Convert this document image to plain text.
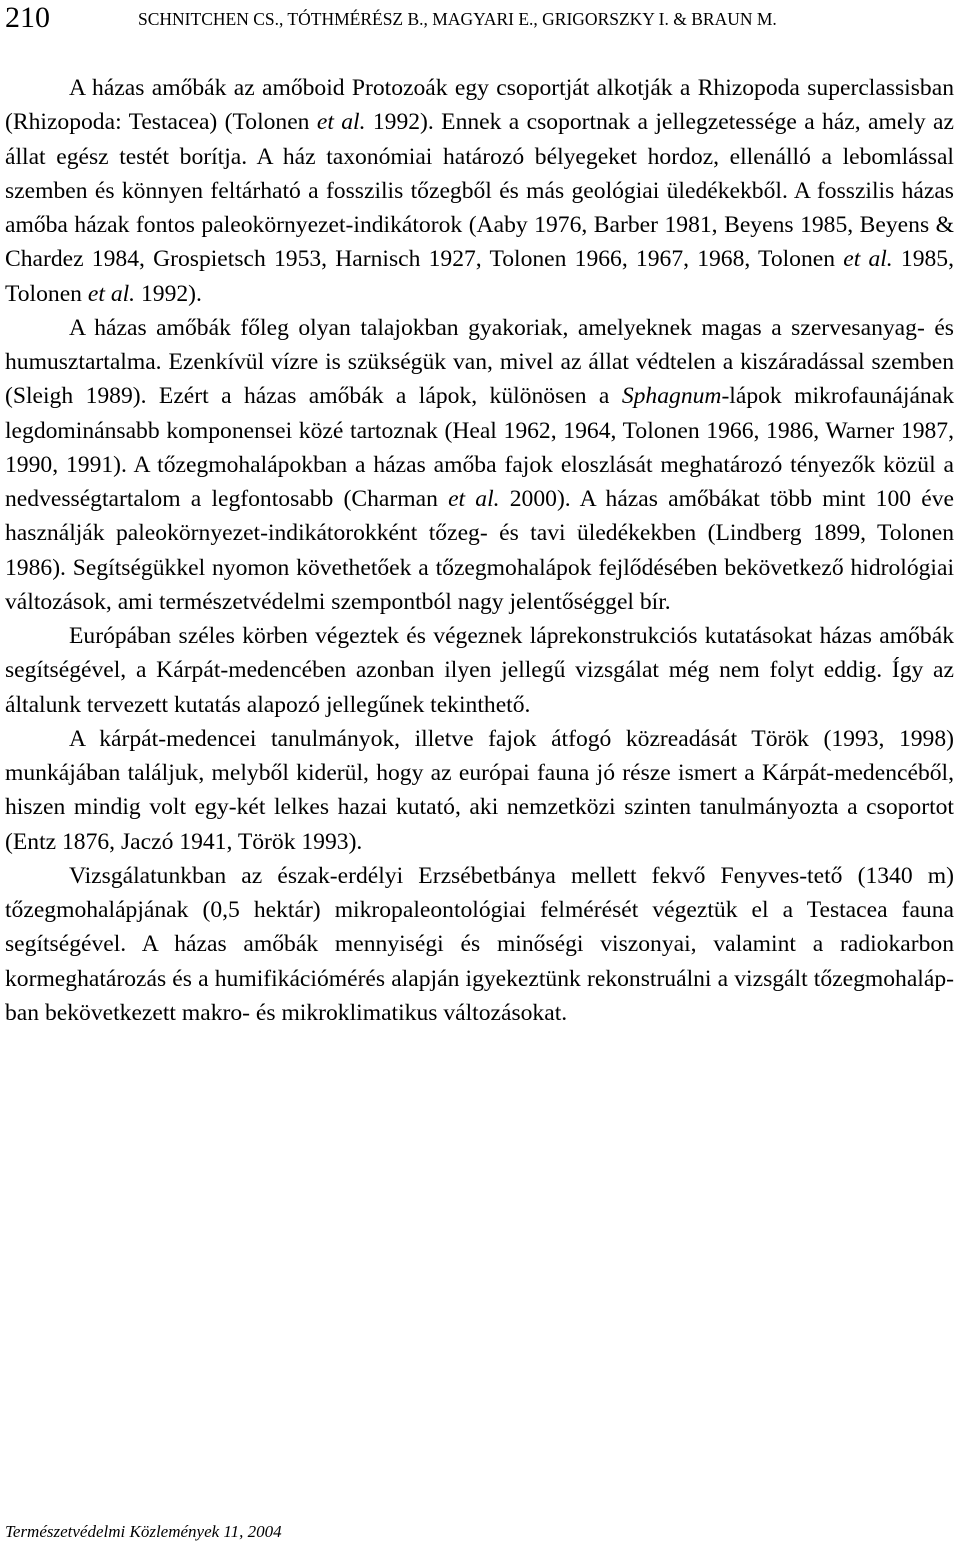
210	SCHNITCHEN CS., TÓTHMÉRÉSZ B., MAGYARI E., GRIGORSZKY I. & BRAUN M.

A házas amőbák az amőboid Protozoák egy csoportját alkotják a Rhizopoda superclassisban (Rhizopoda: Testacea) (Tolonen et al. 1992). Ennek a csoportnak a jellegzetessége a ház, amely az állat egész testét borítja. A ház taxonómiai határozó bélyegeket hordoz, ellenálló a lebomlással szemben és könnyen feltárható a fosszilis tőzegből és más geológiai üledékekből. A fosszilis házas amőba házak fontos paleokörnyezet-indikátorok (Aaby 1976, Barber 1981, Beyens 1985, Beyens & Chardez 1984, Grospietsch 1953, Harnisch 1927, Tolonen 1966, 1967, 1968, Tolonen et al. 1985, Tolonen et al. 1992).

A házas amőbák főleg olyan talajokban gyakoriak, amelyeknek magas a szervesanyag- és humusztartalma. Ezenkívül vízre is szükségük van, mivel az állat védtelen a kiszáradással szemben (Sleigh 1989). Ezért a házas amőbák a lápok, különösen a Sphagnum-lápok mikrofaunájának legdominánsabb komponensei közé tartoznak (Heal 1962, 1964, Tolonen 1966, 1986, Warner 1987, 1990, 1991). A tőzegmohalápokban a házas amőba fajok eloszlását meghatározó tényezők közül a nedvességtartalom a legfontosabb (Charman et al. 2000). A házas amőbákat több mint 100 éve használják paleokörnyezet-indikátorokként tőzeg- és tavi üledékekben (Lindberg 1899, Tolonen 1986). Segítségükkel nyomon követhetőek a tőzegmohalápok fejlődésében bekövetkező hidrológiai változások, ami természetvédelmi szempontból nagy jelentőséggel bír.

Európában széles körben végeztek és végeznek láprekonstrukciós kutatásokat házas amőbák segítségével, a Kárpát-medencében azonban ilyen jellegű vizsgálat még nem folyt eddig. Így az általunk tervezett kutatás alapozó jellegűnek tekinthető.

A kárpát-medencei tanulmányok, illetve fajok átfogó közreadását Török (1993, 1998) munkájában találjuk, melyből kiderül, hogy az európai fauna jó része ismert a Kárpát-medencéből, hiszen mindig volt egy-két lelkes hazai kutató, aki nemzetközi szinten tanulmányozta a csoportot (Entz 1876, Jaczó 1941, Török 1993).

Vizsgálatunkban az észak-erdélyi Erzsébetbánya mellett fekvő Fenyves-tető (1340 m) tőzegmohalápjának (0,5 hektár) mikropaleontológiai felmérését végeztük el a Testacea fauna segítségével. A házas amőbák mennyiségi és minőségi viszonyai, valamint a radiokarbon kormeghatározás és a humifikációmérés alapján igyekeztünk rekonstruálni a vizsgált tőzegmohalápban bekövetkezett makro- és mikroklimatikus változásokat.

Természetvédelmi Közlemények 11, 2004
